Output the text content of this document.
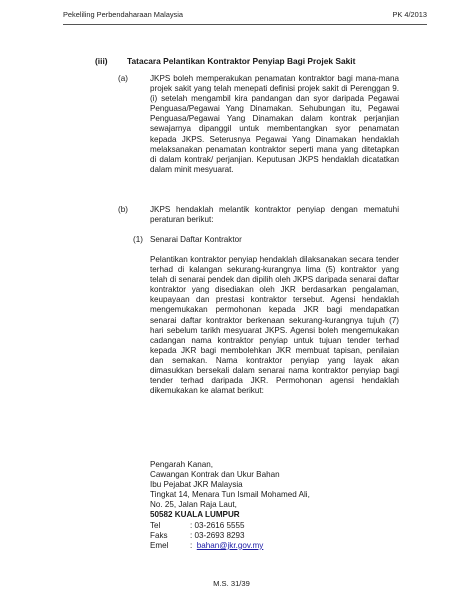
Pekeliling Perbendaharaan Malaysia	PK 4/2013
(iii) Tatacara Pelantikan Kontraktor Penyiap Bagi Projek Sakit
(a)	JKPS boleh memperakukan penamatan kontraktor bagi mana-mana projek sakit yang telah menepati definisi projek sakit di Perenggan 9.(i) setelah mengambil kira pandangan dan syor daripada Pegawai Penguasa/Pegawai Yang Dinamakan. Sehubungan itu, Pegawai Penguasa/Pegawai Yang Dinamakan dalam kontrak perjanjian sewajarnya dipanggil untuk membentangkan syor penamatan kepada JKPS. Seterusnya Pegawai Yang Dinamakan hendaklah melaksanakan penamatan kontraktor seperti mana yang ditetapkan di dalam kontrak/ perjanjian. Keputusan JKPS hendaklah dicatatkan dalam minit mesyuarat.

(b)	JKPS hendaklah melantik kontraktor penyiap dengan mematuhi peraturan berikut:

(1) Senarai Daftar Kontraktor

Pelantikan kontraktor penyiap hendaklah dilaksanakan secara tender terhad di kalangan sekurang-kurangnya lima (5) kontraktor yang telah di senarai pendek dan dipilih oleh JKPS daripada senarai daftar kontraktor yang disediakan oleh JKR berdasarkan pengalaman, keupayaan dan prestasi kontraktor tersebut. Agensi hendaklah mengemukakan permohonan kepada JKR bagi mendapatkan senarai daftar kontraktor berkenaan sekurang-kurangnya tujuh (7) hari sebelum tarikh mesyuarat JKPS. Agensi boleh mengemukakan cadangan nama kontraktor penyiap untuk tujuan tender terhad kepada JKR bagi membolehkan JKR membuat tapisan, penilaian dan semakan. Nama kontraktor penyiap yang layak akan dimasukkan bersekali dalam senarai nama kontraktor penyiap bagi tender terhad daripada JKR. Permohonan agensi hendaklah dikemukakan ke alamat berikut:

Pengarah Kanan,
Cawangan Kontrak dan Ukur Bahan
Ibu Pejabat JKR Malaysia
Tingkat 14, Menara Tun Ismail Mohamed Ali,
No. 25, Jalan Raja Laut,
50582 KUALA LUMPUR
Tel	: 03-2616 5555
Faks	: 03-2693 8293
Emel	:  bahan@jkr.gov.my
M.S. 31/39
